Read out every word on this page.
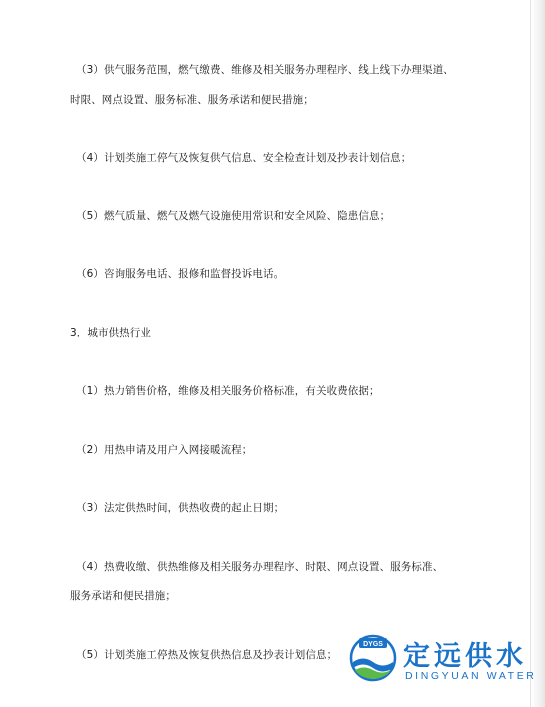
（3）供气服务范围，燃气缴费、维修及相关服务办理程序、线上线下办理渠道、
时限、网点设置、服务标准、服务承诺和便民措施；
（4）计划类施工停气及恢复供气信息、安全检查计划及抄表计划信息；
（5）燃气质量、燃气及燃气设施使用常识和安全风险、隐患信息；
（6）咨询服务电话、报修和监督投诉电话。
3．城市供热行业
（1）热力销售价格，维修及相关服务价格标准，有关收费依据；
（2）用热申请及用户入网接暖流程；
（3）法定供热时间，供热收费的起止日期；
（4）热费收缴、供热维修及相关服务办理程序、时限、网点设置、服务标准、
服务承诺和便民措施；
（5）计划类施工停热及恢复供热信息及抄表计划信息；
DYGS 定远供水
DINGYUAN WATER
